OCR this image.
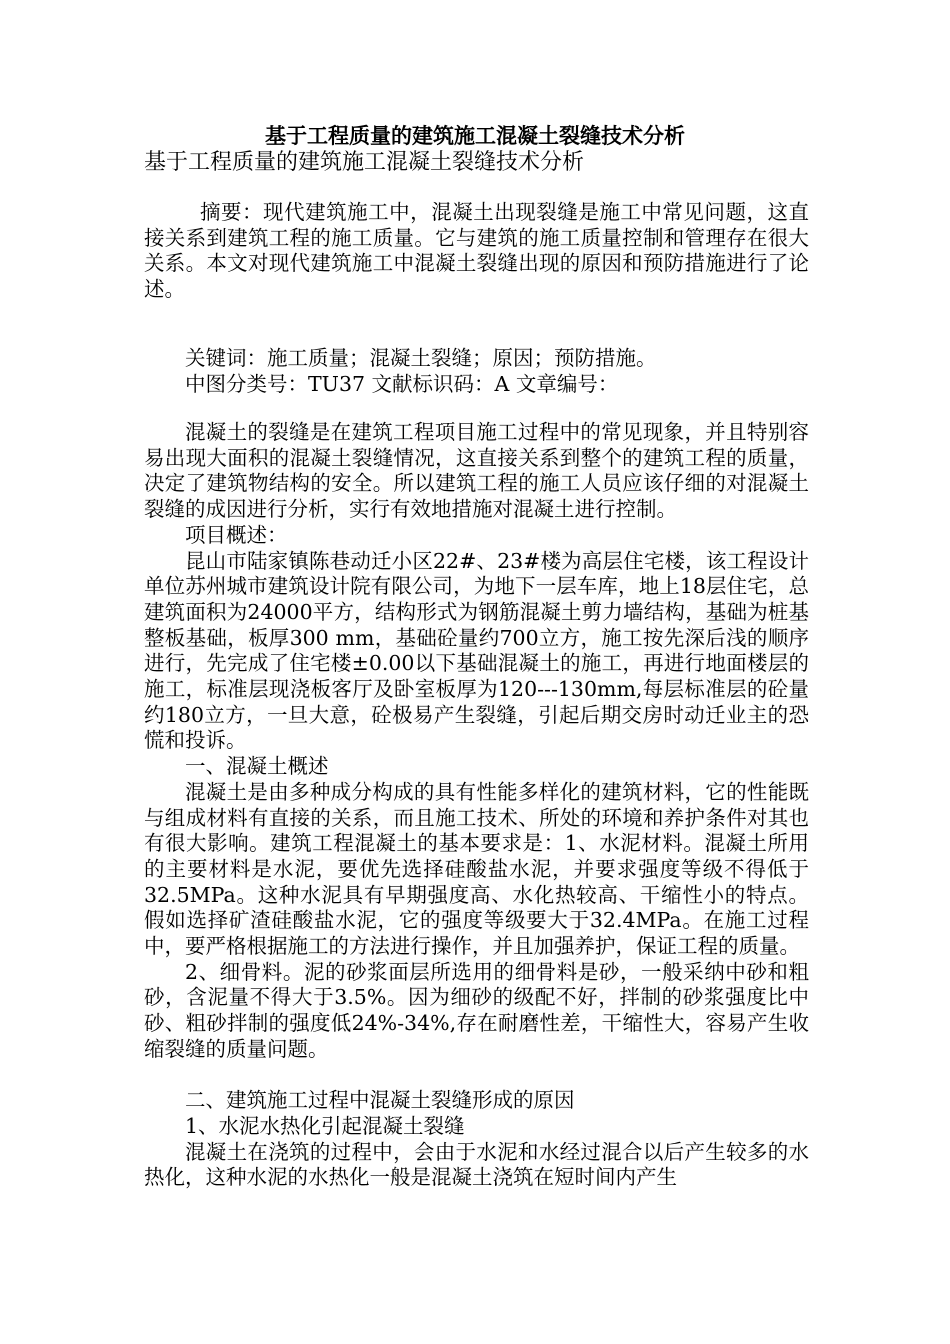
基于工程质量的建筑施工混凝土裂缝技术分析
基于工程质量的建筑施工混凝土裂缝技术分析

摘要：现代建筑施工中，混凝土出现裂缝是施工中常见问题，这直接关系到建筑工程的施工质量。它与建筑的施工质量控制和管理存在很大关系。本文对现代建筑施工中混凝土裂缝出现的原因和预防措施进行了论述。

关键词：施工质量；混凝土裂缝；原因；预防措施。

中图分类号：TU37 文献标识码：A 文章编号：

混凝土的裂缝是在建筑工程项目施工过程中的常见现象，并且特别容易出现大面积的混凝土裂缝情况，这直接关系到整个的建筑工程的质量，决定了建筑物结构的安全。所以建筑工程的施工人员应该仔细的对混凝土裂缝的成因进行分析，实行有效地措施对混凝土进行控制。

项目概述：

昆山市陆家镇陈巷动迁小区22#、23#楼为高层住宅楼，该工程设计单位苏州城市建筑设计院有限公司，为地下一层车库，地上18层住宅，总建筑面积为24000平方，结构形式为钢筋混凝土剪力墙结构，基础为桩基整板基础，板厚300 mm，基础砼量约700立方，施工按先深后浅的顺序进行，先完成了住宅楼±0.00以下基础混凝土的施工，再进行地面楼层的施工，标准层现浇板客厅及卧室板厚为120---130mm,每层标准层的砼量约180立方，一旦大意，砼极易产生裂缝，引起后期交房时动迁业主的恐慌和投诉。

一、混凝土概述

混凝土是由多种成分构成的具有性能多样化的建筑材料，它的性能既与组成材料有直接的关系，而且施工技术、所处的环境和养护条件对其也有很大影响。建筑工程混凝土的基本要求是：1、水泥材料。混凝土所用的主要材料是水泥，要优先选择硅酸盐水泥，并要求强度等级不得低于32.5MPa。这种水泥具有早期强度高、水化热较高、干缩性小的特点。假如选择矿渣硅酸盐水泥，它的强度等级要大于32.4MPa。在施工过程中，要严格根据施工的方法进行操作，并且加强养护，保证工程的质量。

2、细骨料。泥的砂浆面层所选用的细骨料是砂，一般采纳中砂和粗砂，含泥量不得大于3.5%。因为细砂的级配不好，拌制的砂浆强度比中砂、粗砂拌制的强度低24%-34%,存在耐磨性差，干缩性大，容易产生收缩裂缝的质量问题。

二、建筑施工过程中混凝土裂缝形成的原因

1、水泥水热化引起混凝土裂缝

混凝土在浇筑的过程中，会由于水泥和水经过混合以后产生较多的水热化，这种水泥的水热化一般是混凝土浇筑在短时间内产生
